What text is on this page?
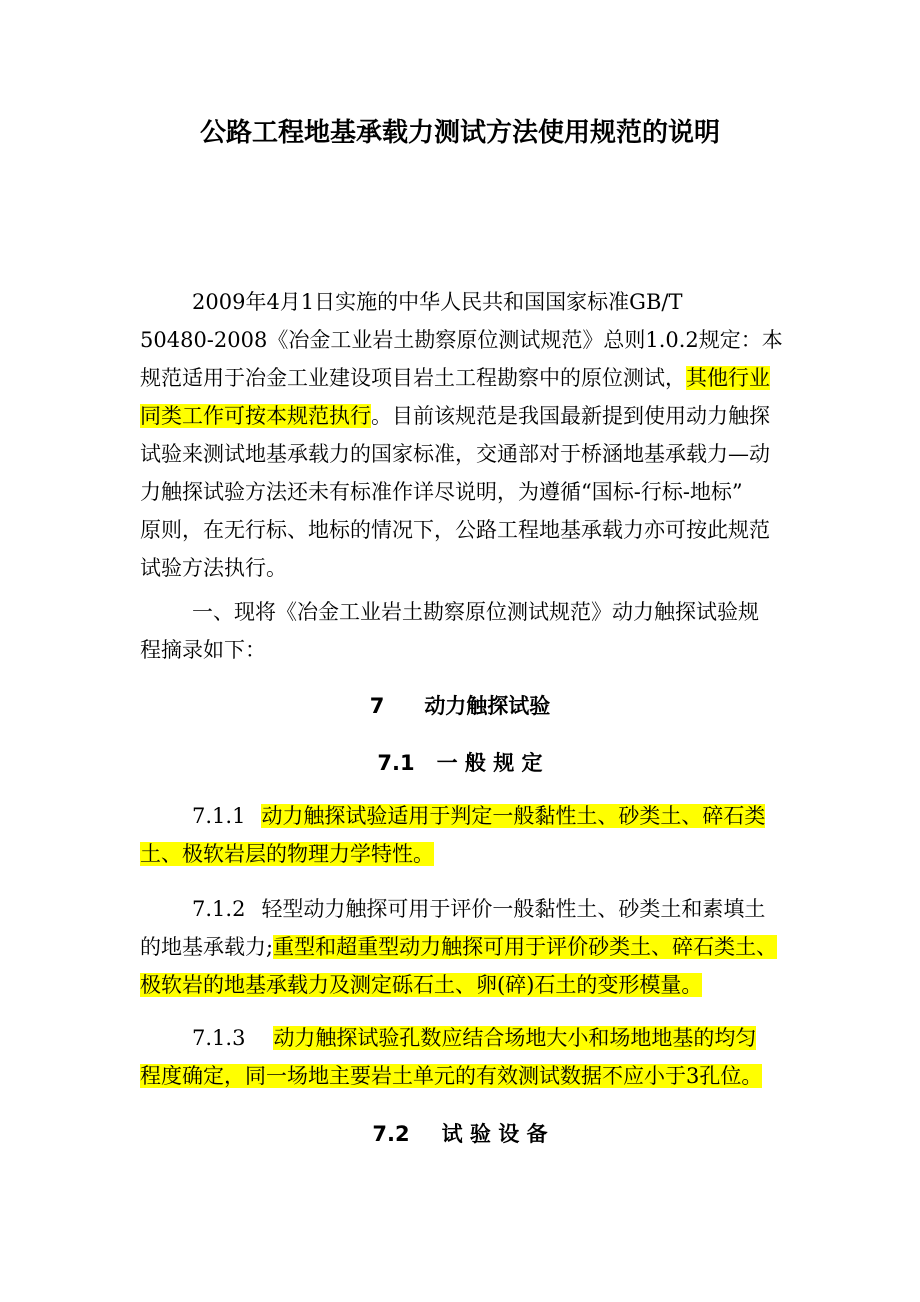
公路工程地基承载力测试方法使用规范的说明
2009年4月1日实施的中华人民共和国国家标准GB/T
50480-2008《冶金工业岩土勘察原位测试规范》总则1.0.2规定：本
规范适用于冶金工业建设项目岩土工程勘察中的原位测试，其他行业
同类工作可按本规范执行。目前该规范是我国最新提到使用动力触探
试验来测试地基承载力的国家标准，交通部对于桥涵地基承载力—动
力触探试验方法还未有标准作详尽说明，为遵循“国标-行标-地标”
原则，在无行标、地标的情况下，公路工程地基承载力亦可按此规范
试验方法执行。
一、现将《冶金工业岩土勘察原位测试规范》动力触探试验规
程摘录如下：
7 动力触探试验
7.1 一 般 规 定
7.1.1 动力触探试验适用于判定一般黏性土、砂类土、碎石类
土、极软岩层的物理力学特性。
7.1.2 轻型动力触探可用于评价一般黏性土、砂类土和素填土
的地基承载力;重型和超重型动力触探可用于评价砂类土、碎石类土、
极软岩的地基承载力及测定砾石土、卵(碎)石土的变形模量。
7.1.3 动力触探试验孔数应结合场地大小和场地地基的均匀
程度确定，同一场地主要岩土单元的有效测试数据不应小于3孔位。
7.2 试 验 设 备
